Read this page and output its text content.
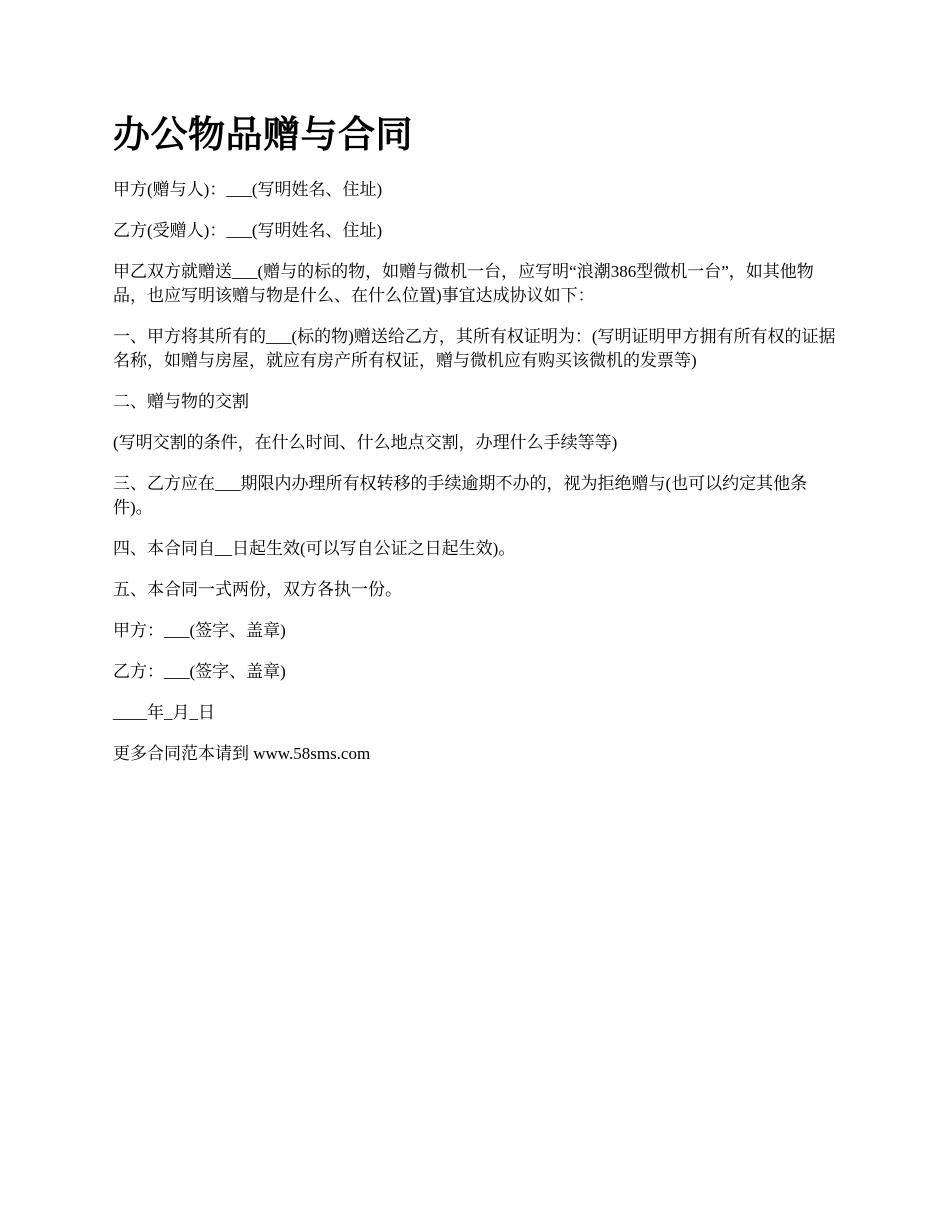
办公物品赠与合同

甲方(赠与人)：___(写明姓名、住址)

乙方(受赠人)：___(写明姓名、住址)

甲乙双方就赠送___(赠与的标的物，如赠与微机一台，应写明“浪潮386型微机一台”，如其他物品，也应写明该赠与物是什么、在什么位置)事宜达成协议如下：

一、甲方将其所有的___(标的物)赠送给乙方，其所有权证明为：(写明证明甲方拥有所有权的证据名称，如赠与房屋，就应有房产所有权证，赠与微机应有购买该微机的发票等)

二、赠与物的交割

(写明交割的条件，在什么时间、什么地点交割，办理什么手续等等)

三、乙方应在___期限内办理所有权转移的手续逾期不办的，视为拒绝赠与(也可以约定其他条件)。

四、本合同自__日起生效(可以写自公证之日起生效)。

五、本合同一式两份，双方各执一份。

甲方：___(签字、盖章)

乙方：___(签字、盖章)

____年_月_日

更多合同范本请到 www.58sms.com
